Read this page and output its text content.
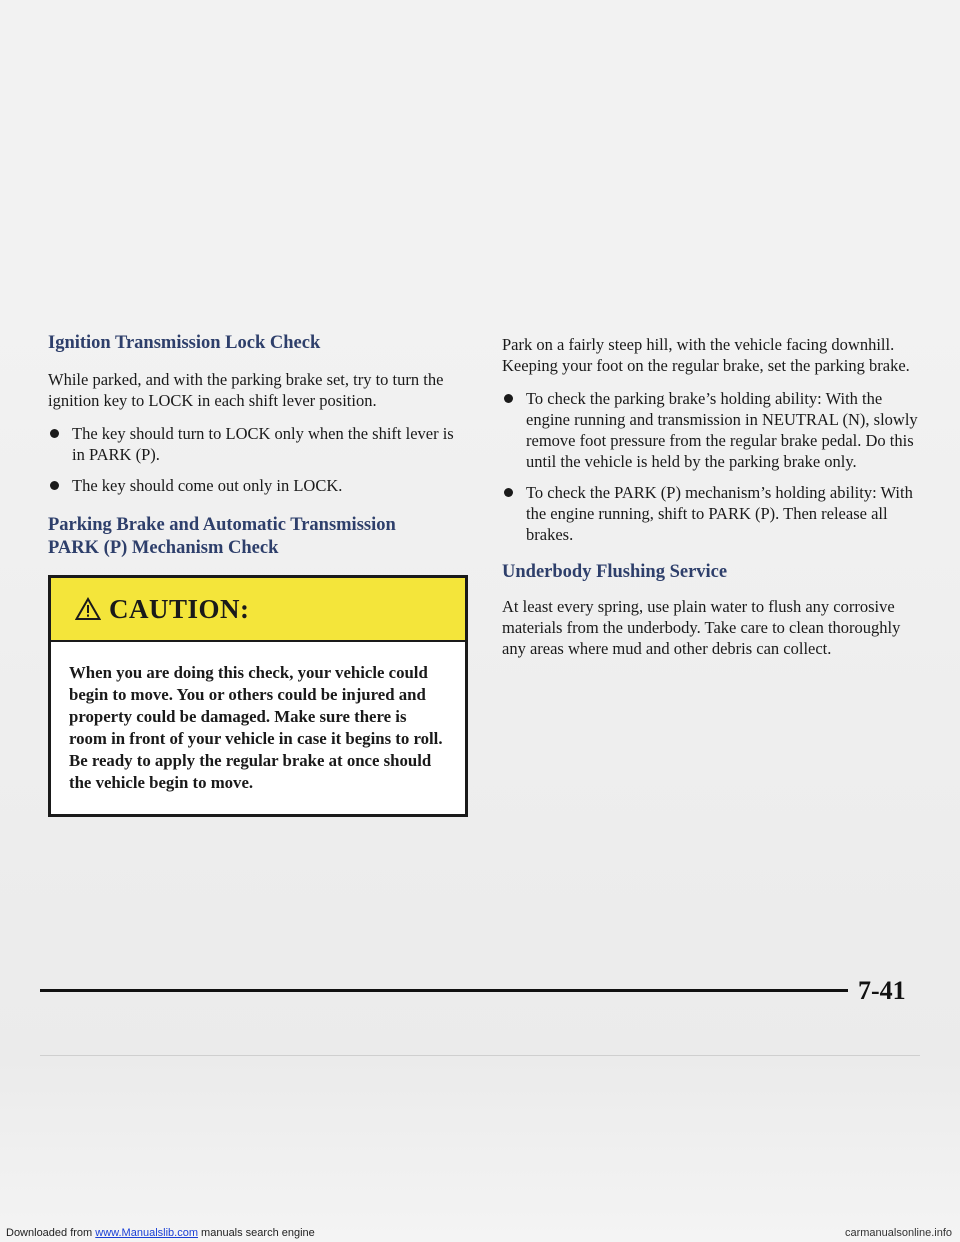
Ignition Transmission Lock Check

While parked, and with the parking brake set, try to turn the ignition key to LOCK in each shift lever position.

The key should turn to LOCK only when the shift lever is in PARK (P).
The key should come out only in LOCK.
Parking Brake and Automatic Transmission
PARK (P) Mechanism Check
CAUTION:
When you are doing this check, your vehicle could begin to move. You or others could be injured and property could be damaged. Make sure there is room in front of your vehicle in case it begins to roll. Be ready to apply the regular brake at once should the vehicle begin to move.

Park on a fairly steep hill, with the vehicle facing downhill. Keeping your foot on the regular brake, set the parking brake.

To check the parking brake’s holding ability: With the engine running and transmission in NEUTRAL (N), slowly remove foot pressure from the regular brake pedal. Do this until the vehicle is held by the parking brake only.
To check the PARK (P) mechanism’s holding ability: With the engine running, shift to PARK (P). Then release all brakes.
Underbody Flushing Service

At least every spring, use plain water to flush any corrosive materials from the underbody. Take care to clean thoroughly any areas where mud and other debris can collect.

7-41
Downloaded from www.Manualslib.com manuals search engine	carmanualsonline.info
